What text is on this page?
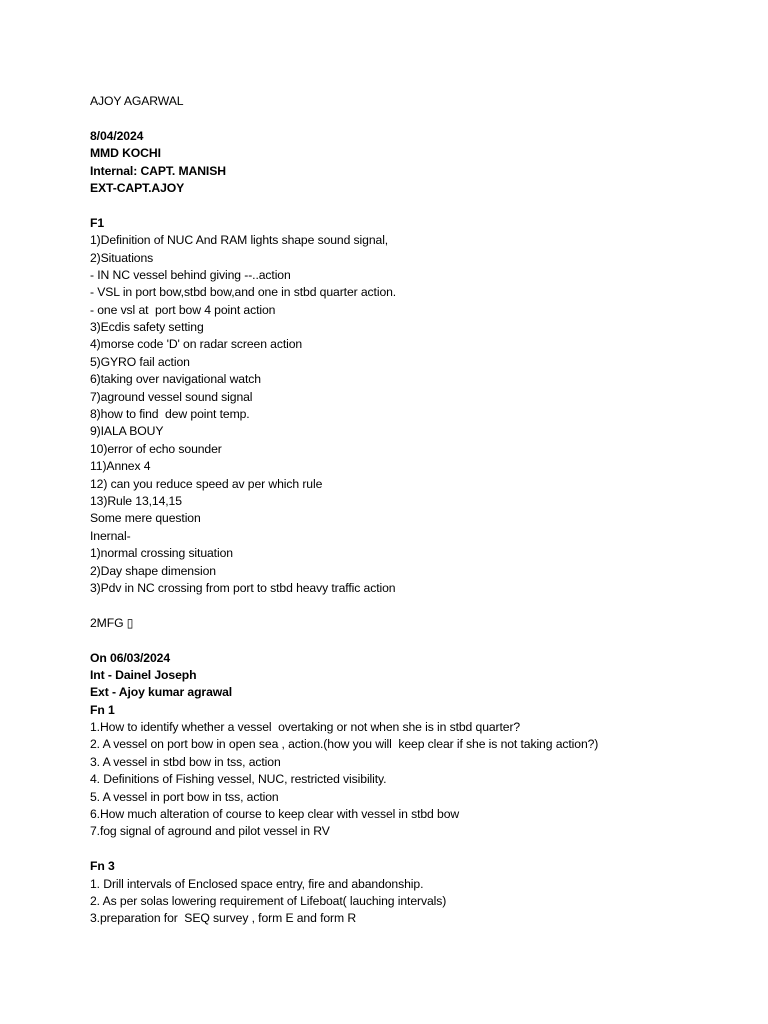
AJOY AGARWAL
8/04/2024
MMD KOCHI
Internal: CAPT. MANISH
EXT-CAPT.AJOY
F1
1)Definition of NUC And RAM lights shape sound signal,
2)Situations
- IN NC vessel behind giving --..action
- VSL in port bow,stbd bow,and one in stbd quarter action.
- one vsl at  port bow 4 point action
3)Ecdis safety setting
4)morse code 'D' on radar screen action
5)GYRO fail action
6)taking over navigational watch
7)aground vessel sound signal
8)how to find  dew point temp.
9)IALA BOUY
10)error of echo sounder
11)Annex 4
12) can you reduce speed av per which rule
13)Rule 13,14,15
Some mere question
Inernal-
1)normal crossing situation
2)Day shape dimension
3)Pdv in NC crossing from port to stbd heavy traffic action
2MFG ▯
On 06/03/2024
Int - Dainel Joseph
Ext - Ajoy kumar agrawal
Fn 1
1.How to identify whether a vessel  overtaking or not when she is in stbd quarter?
2. A vessel on port bow in open sea , action.(how you will  keep clear if she is not taking action?)
3. A vessel in stbd bow in tss, action
4. Definitions of Fishing vessel, NUC, restricted visibility.
5. A vessel in port bow in tss, action
6.How much alteration of course to keep clear with vessel in stbd bow
7.fog signal of aground and pilot vessel in RV
Fn 3
1. Drill intervals of Enclosed space entry, fire and abandonship.
2. As per solas lowering requirement of Lifeboat( lauching intervals)
3.preparation for  SEQ survey , form E and form R
